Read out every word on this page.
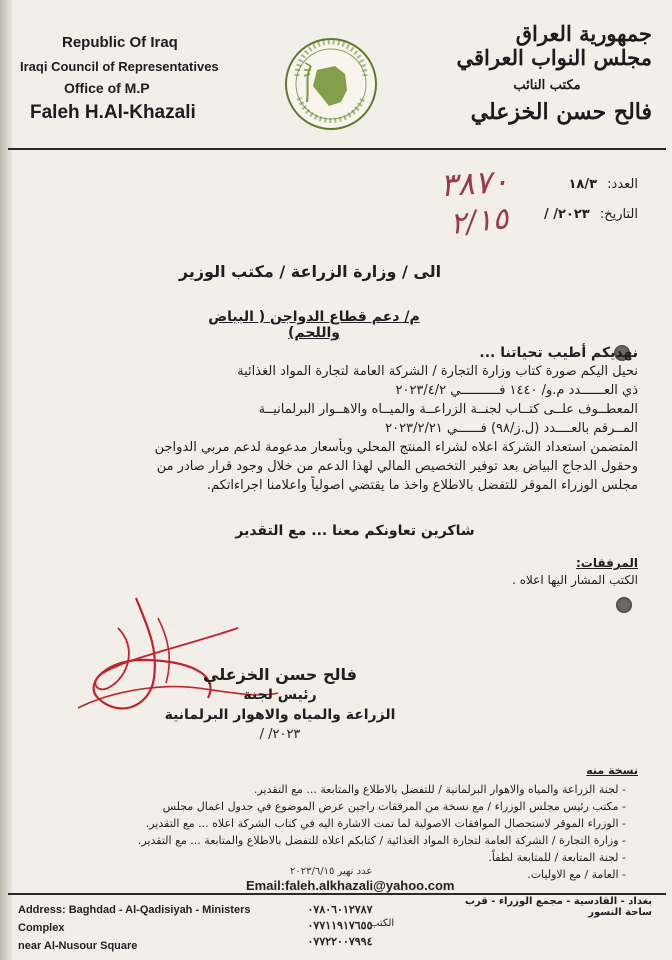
Republic Of Iraq
Iraqi Council of Representatives
Office of M.P
Faleh H.Al-Khazali
جمهورية العراق
مجلس النواب العراقي
مكتب النائب
فالح حسن الخزعلي
العدد: ١٨/٣
التاريخ: ٢٠٢٣/ /
٣٨٧٠
٢/١٥
الى / وزارة الزراعة / مكتب الوزير
م/ دعم قطاع الدواجن ( البياض واللحم)
نهديكم أطيب تحياتنا ...
نحيل اليكم صورة كتاب وزارة التجارة / الشركة العامة لتجارة المواد الغذائية
ذي العــــــدد م.و/ ١٤٤٠ فــــــــــي ٢٠٢٣/٤/٢
المعطــوف علــى كتــاب لجنــة الزراعــة والميــاه والاهــوار البرلمانيــة
المــرقم بالعــــدد (ل.ز/٩٨) فــــــي ٢٠٢٣/٢/٢١
المتضمن استعداد الشركة اعلاه لشراء المنتج المحلي وبأسعار مدعومة لدعم مربي الدواجن
وحقول الدجاج البياض بعد توفير التخصيص المالي لهذا الدعم من خلال وجود قرار صادر من
مجلس الوزراء الموقر للتفضل بالاطلاع واخذ ما يقتضي اصولياً واعلامنا اجراءاتكم.
شاكرين تعاونكم معنا ... مع التقدير
المرفقات:
الكتب المشار اليها اعلاه .
فالح حسن الخزعلي
رئيس لجنة
الزراعة والمياه والاهوار البرلمانية
٢٠٢٣/ /
نسخة منه
- لجنة الزراعة والمياه والاهوار البرلمانية / للتفضل بالاطلاع والمتابعة ... مع التقدير.
- مكتب رئيس مجلس الوزراء / مع نسخة من المرفقات راجين عرض الموضوع في جدول اعمال مجلس
- الوزراء الموقر لاستحصال الموافقات الاصولية لما تمت الاشارة اليه في كتاب الشركة اعلاه ... مع التقدير.
- وزارة التجارة / الشركة العامة لتجارة المواد الغذائية / كتابكم اعلاه للتفضل بالاطلاع والمتابعة ... مع التقدير.
- لجنة المتابعة / للمتابعة لطفاً.
- العامة / مع الاوليات.
عدد نهير ٢٠٢٣/٦/١٥
Email:faleh.alkhazali@yahoo.com
Address: Baghdad - Al-Qadisiyah - Ministers Complex
near Al-Nusour Square
٠٧٨٠٦٠١٢٧٨٧
٠٧٧١١٩١٧٦٥٥
٠٧٧٢٢٠٠٧٩٩٤
الكتب
بغداد - القادسية - مجمع الوزراء - قرب ساحة النسور
